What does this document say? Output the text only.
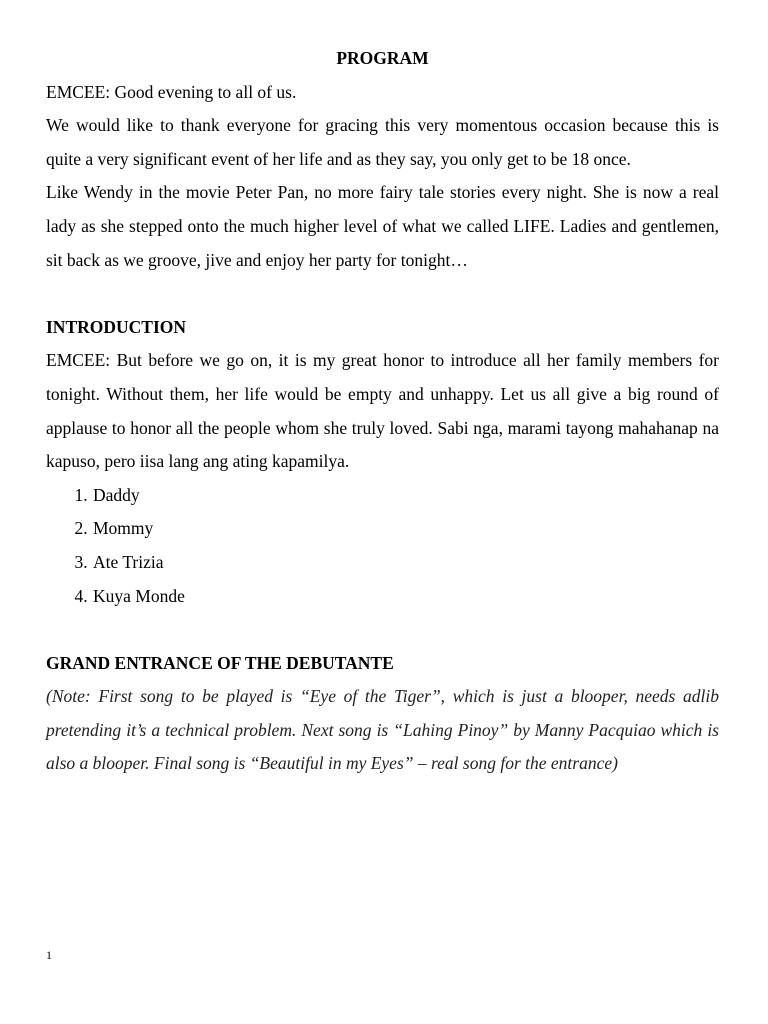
PROGRAM

EMCEE: Good evening to all of us.

We would like to thank everyone for gracing this very momentous occasion because this is quite a very significant event of her life and as they say, you only get to be 18 once.

Like Wendy in the movie Peter Pan, no more fairy tale stories every night. She is now a real lady as she stepped onto the much higher level of what we called LIFE. Ladies and gentlemen, sit back as we groove, jive and enjoy her party for tonight…

INTRODUCTION

EMCEE: But before we go on, it is my great honor to introduce all her family members for tonight. Without them, her life would be empty and unhappy. Let us all give a big round of applause to honor all the people whom she truly loved. Sabi nga, marami tayong mahahanap na kapuso, pero iisa lang ang ating kapamilya.

1. Daddy
2. Mommy
3. Ate Trizia
4. Kuya Monde
GRAND ENTRANCE OF THE DEBUTANTE

(Note: First song to be played is “Eye of the Tiger”, which is just a blooper, needs adlib pretending it’s a technical problem. Next song is “Lahing Pinoy” by Manny Pacquiao which is also a blooper. Final song is “Beautiful in my Eyes” – real song for the entrance)

1
